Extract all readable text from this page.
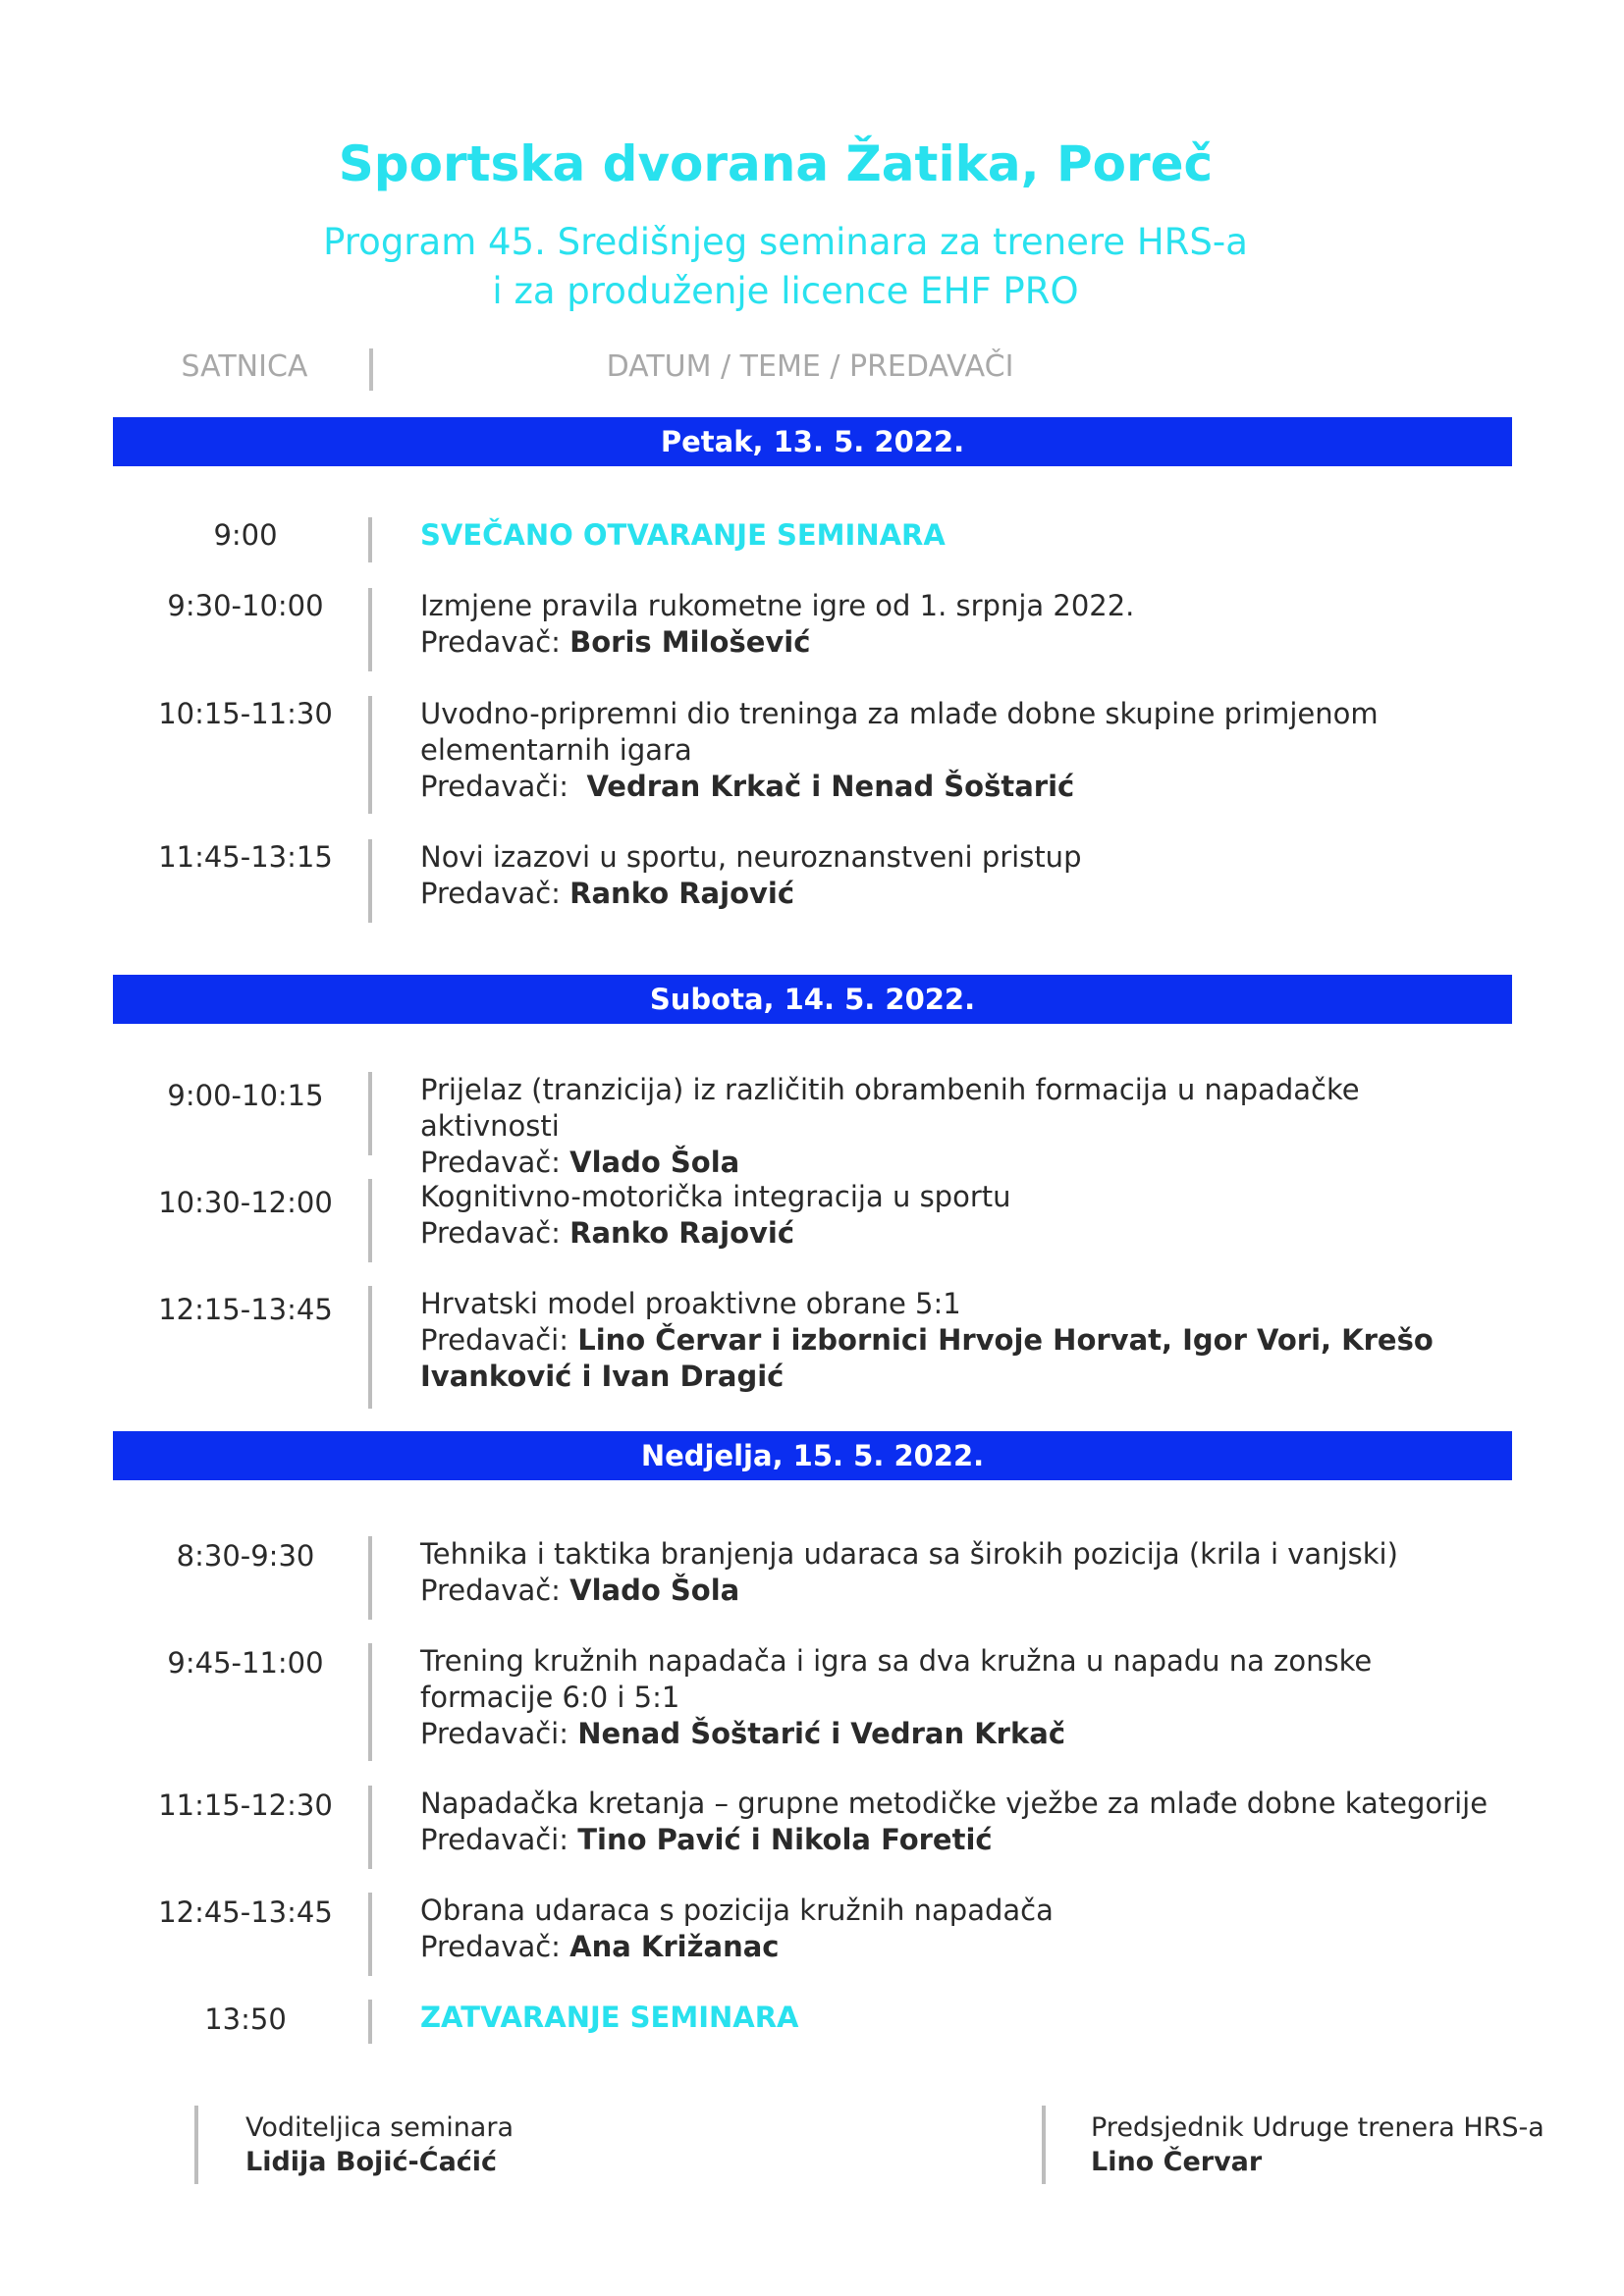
Sportska dvorana Žatika, Poreč
Program 45. Središnjeg seminara za trenere HRS-a
i za produženje licence EHF PRO
SATNICA	DATUM / TEME / PREDAVAČI
Petak, 13. 5. 2022.
9:00	SVEČANO OTVARANJE SEMINARA
9:30-10:00	Izmjene pravila rukometne igre od 1. srpnja 2022.
Predavač: Boris Milošević
10:15-11:30	Uvodno-pripremni dio treninga za mlađe dobne skupine primjenom elementarnih igara
Predavači: Vedran Krkač i Nenad Šoštarić
11:45-13:15	Novi izazovi u sportu, neuroznanstveni pristup
Predavač: Ranko Rajović
Subota, 14. 5. 2022.
9:00-10:15	Prijelaz (tranzicija) iz različitih obrambenih formacija u napadačke aktivnosti
Predavač: Vlado Šola
10:30-12:00	Kognitivno-motorička integracija u sportu
Predavač: Ranko Rajović
12:15-13:45	Hrvatski model proaktivne obrane 5:1
Predavači: Lino Červar i izbornici Hrvoje Horvat, Igor Vori, Krešo Ivanković i Ivan Dragić
Nedjelja, 15. 5. 2022.
8:30-9:30	Tehnika i taktika branjenja udaraca sa širokih pozicija (krila i vanjski)
Predavač: Vlado Šola
9:45-11:00	Trening kružnih napadača i igra sa dva kružna u napadu na zonske formacije 6:0 i 5:1
Predavači: Nenad Šoštarić i Vedran Krkač
11:15-12:30	Napadačka kretanja – grupne metodičke vježbe za mlađe dobne kategorije
Predavači: Tino Pavić i Nikola Foretić
12:45-13:45	Obrana udaraca s pozicija kružnih napadača
Predavač: Ana Križanac
13:50	ZATVARANJE SEMINARA
Voditeljica seminara
Lidija Bojić-Ćaćić
Predsjednik Udruge trenera HRS-a
Lino Červar
